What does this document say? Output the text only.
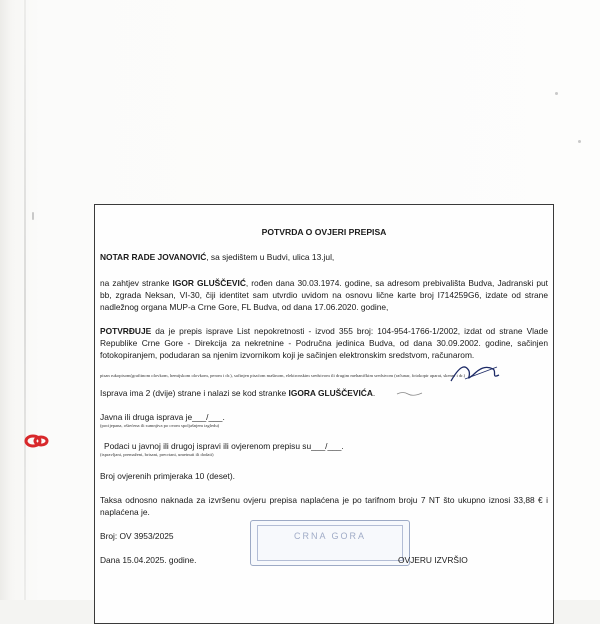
POTVRDA O OVJERI PREPISA

NOTAR RADE JOVANOVIĆ, sa sjedištem u Budvi, ulica 13.jul,

na zahtjev stranke IGOR GLUŠČEVIĆ, rođen dana 30.03.1974. godine, sa adresom prebivališta Budva, Jadranski put bb, zgrada Neksan, VI-30, čiji identitet sam utvrdio uvidom na osnovu lične karte broj I714259G6, izdate od strane nadležnog organa MUP-a Crne Gore, FL Budva, od dana 17.06.2020. godine,

POTVRĐUJE da je prepis isprave List nepokretnosti - izvod 355 broj: 104-954-1766-1/2002, izdat od strane Vlade Republike Crne Gore - Direkcija za nekretnine - Područna jedinica Budva, od dana 30.09.2002. godine, sačinjen fotokopiranjem, podudaran sa njenim izvornikom koji je sačinjen elektronskim sredstvom, računarom.

pisan rukopisom(grafitnom olovkom, hemijskom olovkom, perom i dr.), sačinjen pisaćom mašinom, elektronskim sredstvom ili drugim mehaničkim sredstvom (računar, fotokopir aparat, skener i dr.)

Isprava ima 2 (dvije) strane i nalazi se kod stranke IGORA GLUŠČEVIĆA.

Javna ili druga isprava je___/___.

(pocijepana, oštećena ili sumnjiva po ovom spoljašnjem izgledu)

Podaci u javnoj ili drugoj ispravi ili ovjerenom prepisu su___/___.

(ispravljani, premaženi, brisani, precrtani, umetnuti ili dodati)

Broj ovjerenih primjeraka 10 (deset).

Taksa odnosno naknada za izvršenu ovjeru prepisa naplaćena je po tarifnom broju 7 NT što ukupno iznosi 33,88 € i naplaćena je.

Broj: OV 3953/2025	CRNA GORA

Dana 15.04.2025. godine.	OVJERU IZVRŠIO
